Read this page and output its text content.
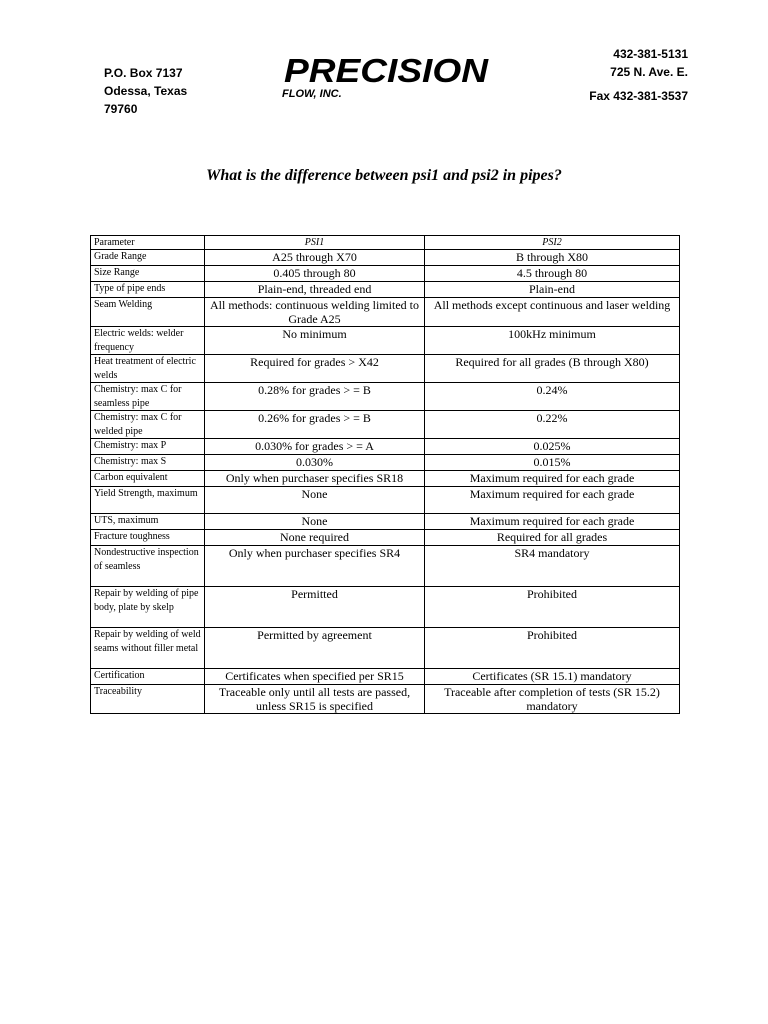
P.O. Box 7137
Odessa, Texas
79760
PRECISION
FLOW, INC.
432-381-5131
725 N. Ave. E.
Fax 432-381-3537
What is the difference between psi1 and psi2 in pipes?
Parameter	PSI1	PSI2
Grade Range	A25 through X70	B through X80
Size Range	0.405 through 80	4.5 through 80
Type of pipe ends	Plain-end, threaded end	Plain-end
Seam Welding	All methods: continuous welding limited to Grade A25	All methods except continuous and laser welding
Electric welds: welder frequency	No minimum	100kHz minimum
Heat treatment of electric welds	Required for grades > X42	Required for all grades (B through X80)
Chemistry: max C for seamless pipe	0.28% for grades > = B	0.24%
Chemistry: max C for welded pipe	0.26% for grades > = B	0.22%
Chemistry: max P	0.030% for grades > = A	0.025%
Chemistry: max S	0.030%	0.015%
Carbon equivalent	Only when purchaser specifies SR18	Maximum required for each grade
Yield Strength, maximum	None	Maximum required for each grade
UTS, maximum	None	Maximum required for each grade
Fracture toughness	None required	Required for all grades
Nondestructive inspection of seamless	Only when purchaser specifies SR4	SR4 mandatory
Repair by welding of pipe body, plate by skelp	Permitted	Prohibited
Repair by welding of weld seams without filler metal	Permitted by agreement	Prohibited
Certification	Certificates when specified per SR15	Certificates (SR 15.1) mandatory
Traceability	Traceable only until all tests are passed, unless SR15 is specified	Traceable after completion of tests (SR 15.2) mandatory
